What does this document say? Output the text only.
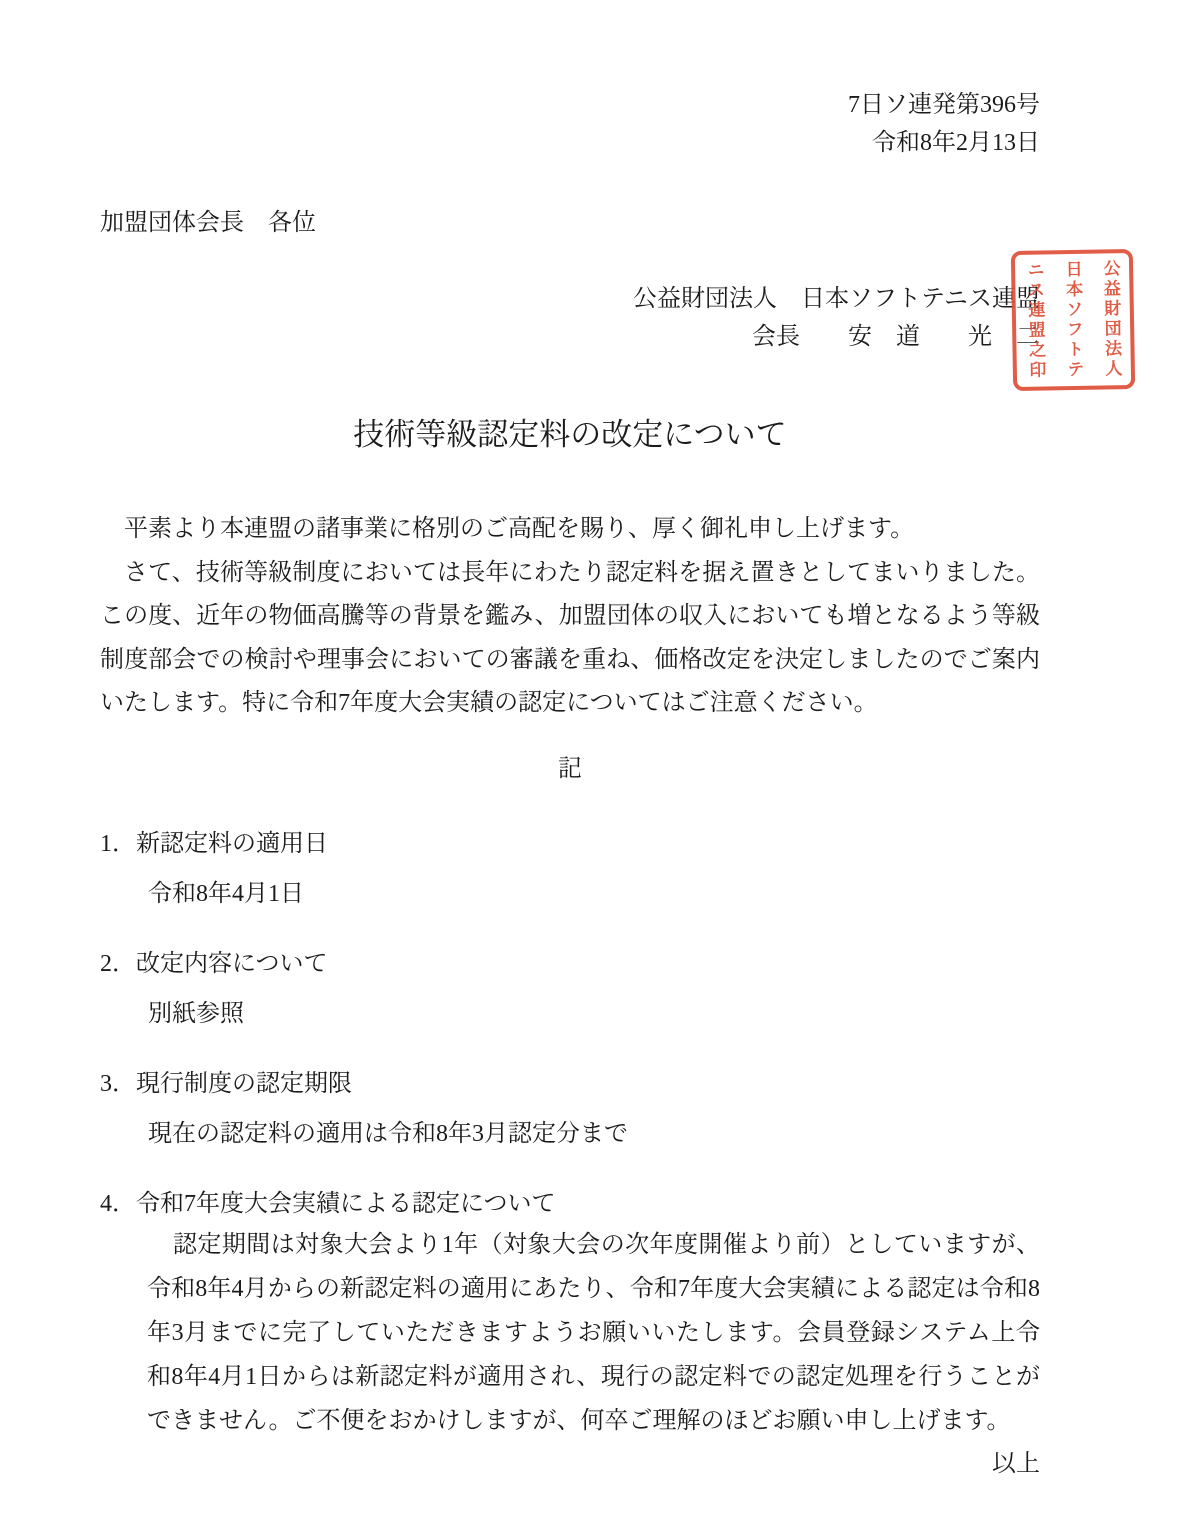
7日ソ連発第396号
令和8年2月13日
加盟団体会長　各位
公益財団法人　日本ソフトテニス連盟
会長　　安　道　　光　二	公益財団法人
日本ソフトテ
ニス連盟之印
技術等級認定料の改定について

平素より本連盟の諸事業に格別のご高配を賜り、厚く御礼申し上げます。

さて、技術等級制度においては長年にわたり認定料を据え置きとしてまいりました。この度、近年の物価高騰等の背景を鑑み、加盟団体の収入においても増となるよう等級制度部会での検討や理事会においての審議を重ね、価格改定を決定しましたのでご案内いたします。特に令和7年度大会実績の認定についてはご注意ください。

記
1．新認定料の適用日
令和8年4月1日
2．改定内容について
別紙参照
3．現行制度の認定期限
現在の認定料の適用は令和8年3月認定分まで
4．令和7年度大会実績による認定について
認定期間は対象大会より1年（対象大会の次年度開催より前）としていますが、令和8年4月からの新認定料の適用にあたり、令和7年度大会実績による認定は令和8年3月までに完了していただきますようお願いいたします。会員登録システム上令和8年4月1日からは新認定料が適用され、現行の認定料での認定処理を行うことができません。ご不便をおかけしますが、何卒ご理解のほどお願い申し上げます。
以上
